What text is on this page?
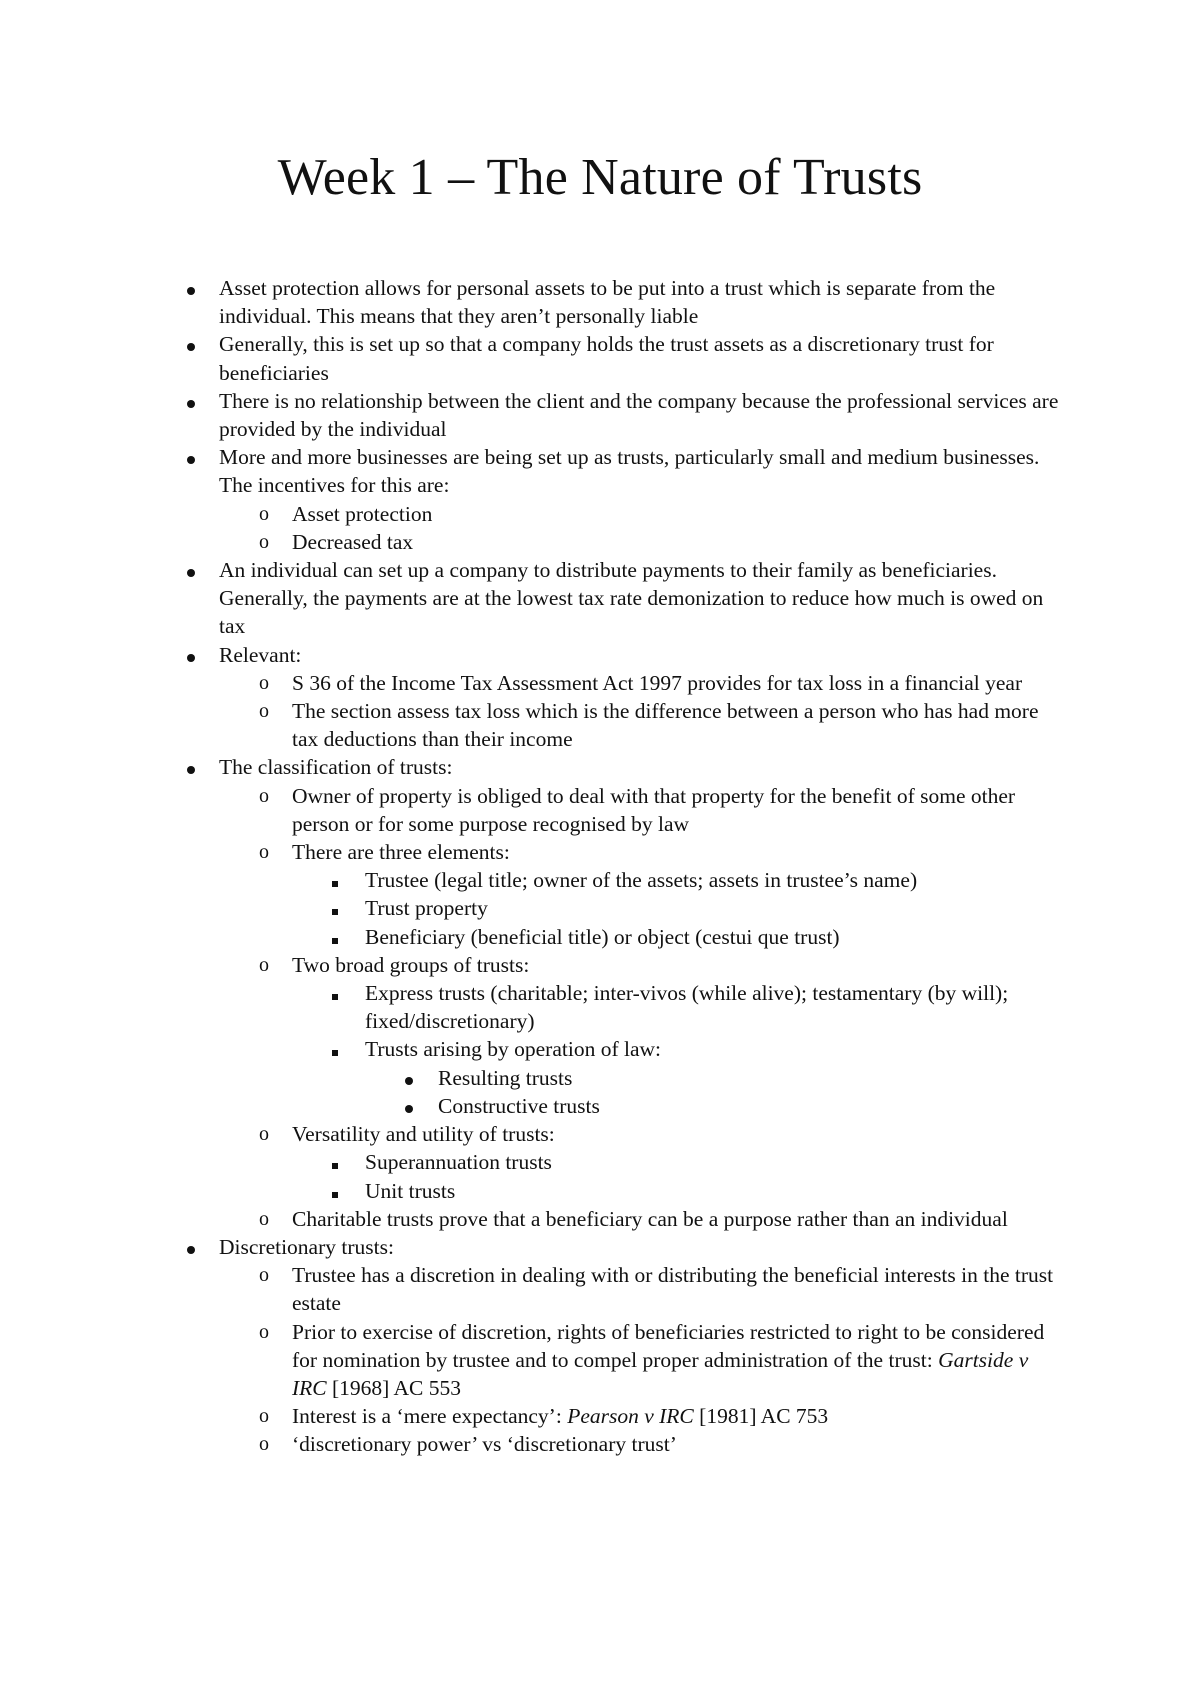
Week 1 – The Nature of Trusts
Asset protection allows for personal assets to be put into a trust which is separate from the individual. This means that they aren’t personally liable
Generally, this is set up so that a company holds the trust assets as a discretionary trust for beneficiaries
There is no relationship between the client and the company because the professional services are provided by the individual
More and more businesses are being set up as trusts, particularly small and medium businesses. The incentives for this are:
o Asset protection
o Decreased tax
An individual can set up a company to distribute payments to their family as beneficiaries. Generally, the payments are at the lowest tax rate demonization to reduce how much is owed on tax
Relevant:
o S 36 of the Income Tax Assessment Act 1997 provides for tax loss in a financial year
o The section assess tax loss which is the difference between a person who has had more tax deductions than their income
The classification of trusts:
o Owner of property is obliged to deal with that property for the benefit of some other person or for some purpose recognised by law
o There are three elements:
Trustee (legal title; owner of the assets; assets in trustee’s name)
Trust property
Beneficiary (beneficial title) or object (cestui que trust)
o Two broad groups of trusts:
Express trusts (charitable; inter-vivos (while alive); testamentary (by will); fixed/discretionary)
Trusts arising by operation of law:
Resulting trusts
Constructive trusts
o Versatility and utility of trusts:
Superannuation trusts
Unit trusts
o Charitable trusts prove that a beneficiary can be a purpose rather than an individual
Discretionary trusts:
o Trustee has a discretion in dealing with or distributing the beneficial interests in the trust estate
o Prior to exercise of discretion, rights of beneficiaries restricted to right to be considered for nomination by trustee and to compel proper administration of the trust: Gartside v IRC [1968] AC 553
o Interest is a ‘mere expectancy’: Pearson v IRC [1981] AC 753
o ‘discretionary power’ vs ‘discretionary trust’
